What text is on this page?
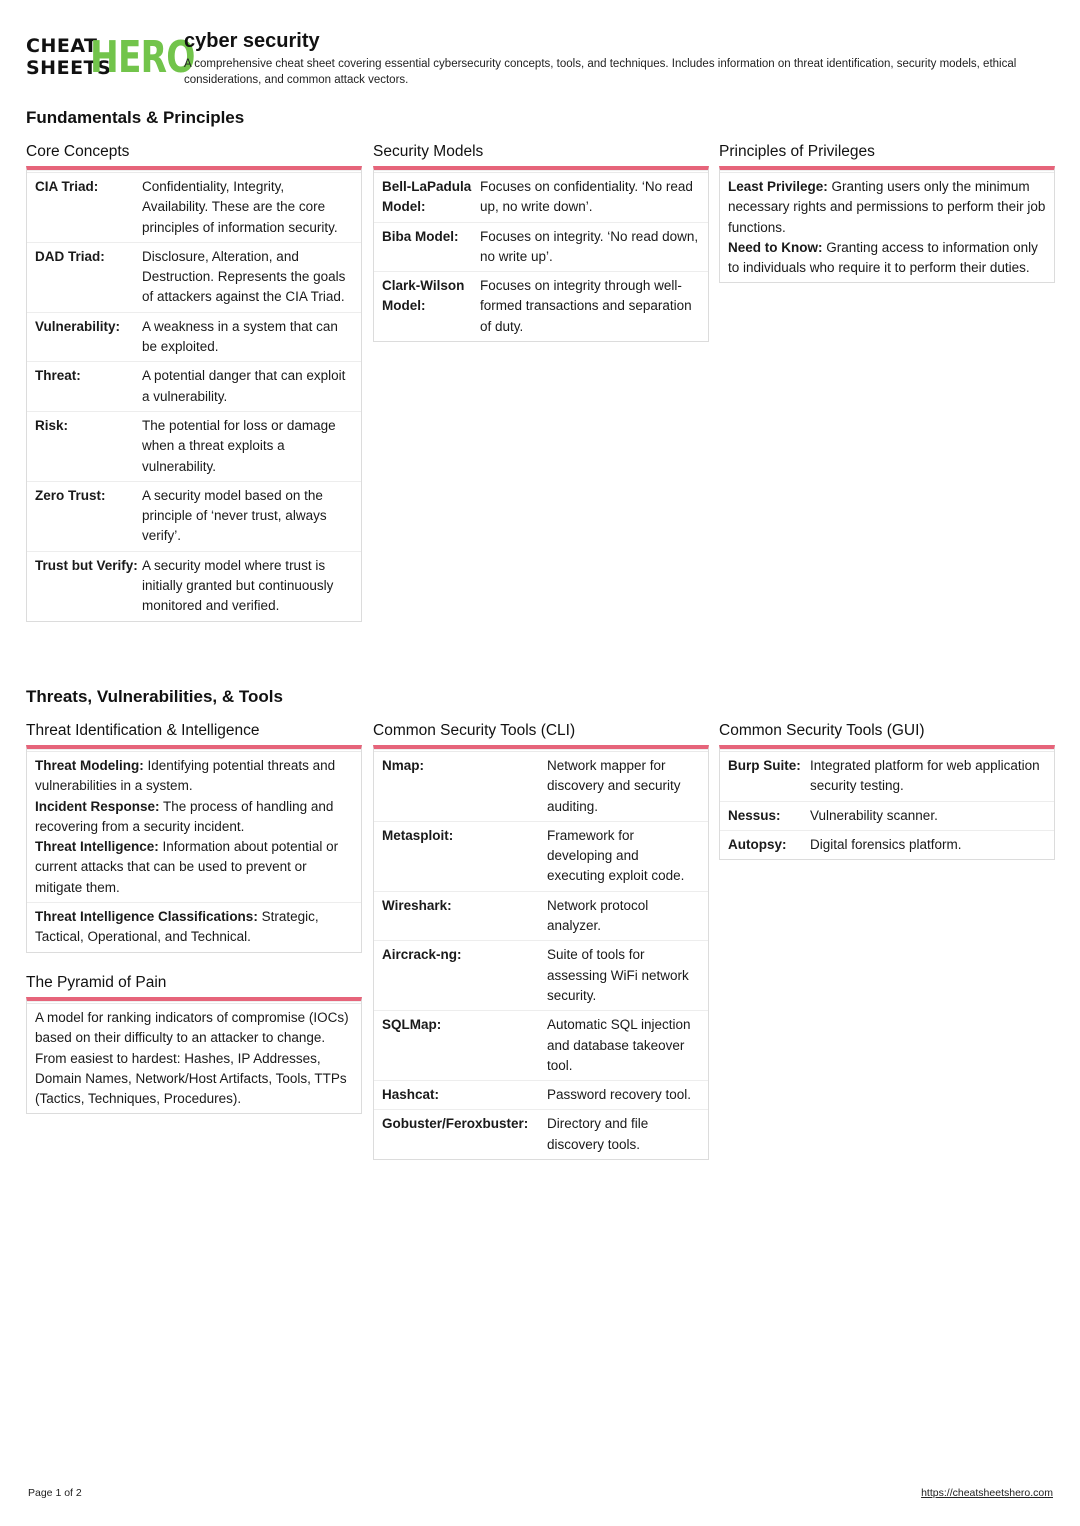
CHEAT
SHEETS
HERO
cyber security
A comprehensive cheat sheet covering essential cybersecurity concepts, tools, and techniques. Includes information on threat identification, security models, ethical considerations, and common attack vectors.
Fundamentals & Principles
Core Concepts
CIA Triad:	Confidentiality, Integrity, Availability. These are the core principles of information security.
DAD Triad:	Disclosure, Alteration, and Destruction. Represents the goals of attackers against the CIA Triad.
Vulnerability:	A weakness in a system that can be exploited.
Threat:	A potential danger that can exploit a vulnerability.
Risk:	The potential for loss or damage when a threat exploits a vulnerability.
Zero Trust:	A security model based on the principle of ‘never trust, always verify’.
Trust but Verify: A security model where trust is initially granted but continuously monitored and verified.
Security Models
Bell-LaPadula Model:
Focuses on confidentiality. ‘No read up, no write down’.
Biba Model:	Focuses on integrity. ‘No read down, no write up’.
Clark-Wilson Model:
Focuses on integrity through well-formed transactions and separation of duty.
Principles of Privileges
Least Privilege: Granting users only the minimum necessary rights and permissions to perform their job functions.
Need to Know: Granting access to information only to individuals who require it to perform their duties.
Threats, Vulnerabilities, & Tools
Threat Identification & Intelligence
Threat Modeling: Identifying potential threats and vulnerabilities in a system.
Incident Response: The process of handling and recovering from a security incident.
Threat Intelligence: Information about potential or current attacks that can be used to prevent or mitigate them.
Threat Intelligence Classifications: Strategic, Tactical, Operational, and Technical.
The Pyramid of Pain
A model for ranking indicators of compromise (IOCs) based on their difficulty to an attacker to change. From easiest to hardest: Hashes, IP Addresses, Domain Names, Network/Host Artifacts, Tools, TTPs (Tactics, Techniques, Procedures).
Common Security Tools (CLI)
Nmap:	Network mapper for discovery and security auditing.
Metasploit:	Framework for developing and executing exploit code.
Wireshark:	Network protocol analyzer.
Aircrack-ng:	Suite of tools for assessing WiFi network security.
SQLMap:	Automatic SQL injection and database takeover tool.
Hashcat:	Password recovery tool.
Gobuster/Feroxbuster:	Directory and file discovery tools.
Common Security Tools (GUI)
Burp Suite: Integrated platform for web application security testing.
Nessus:	Vulnerability scanner.
Autopsy:	Digital forensics platform.
Page 1 of 2	https://cheatsheetshero.com
